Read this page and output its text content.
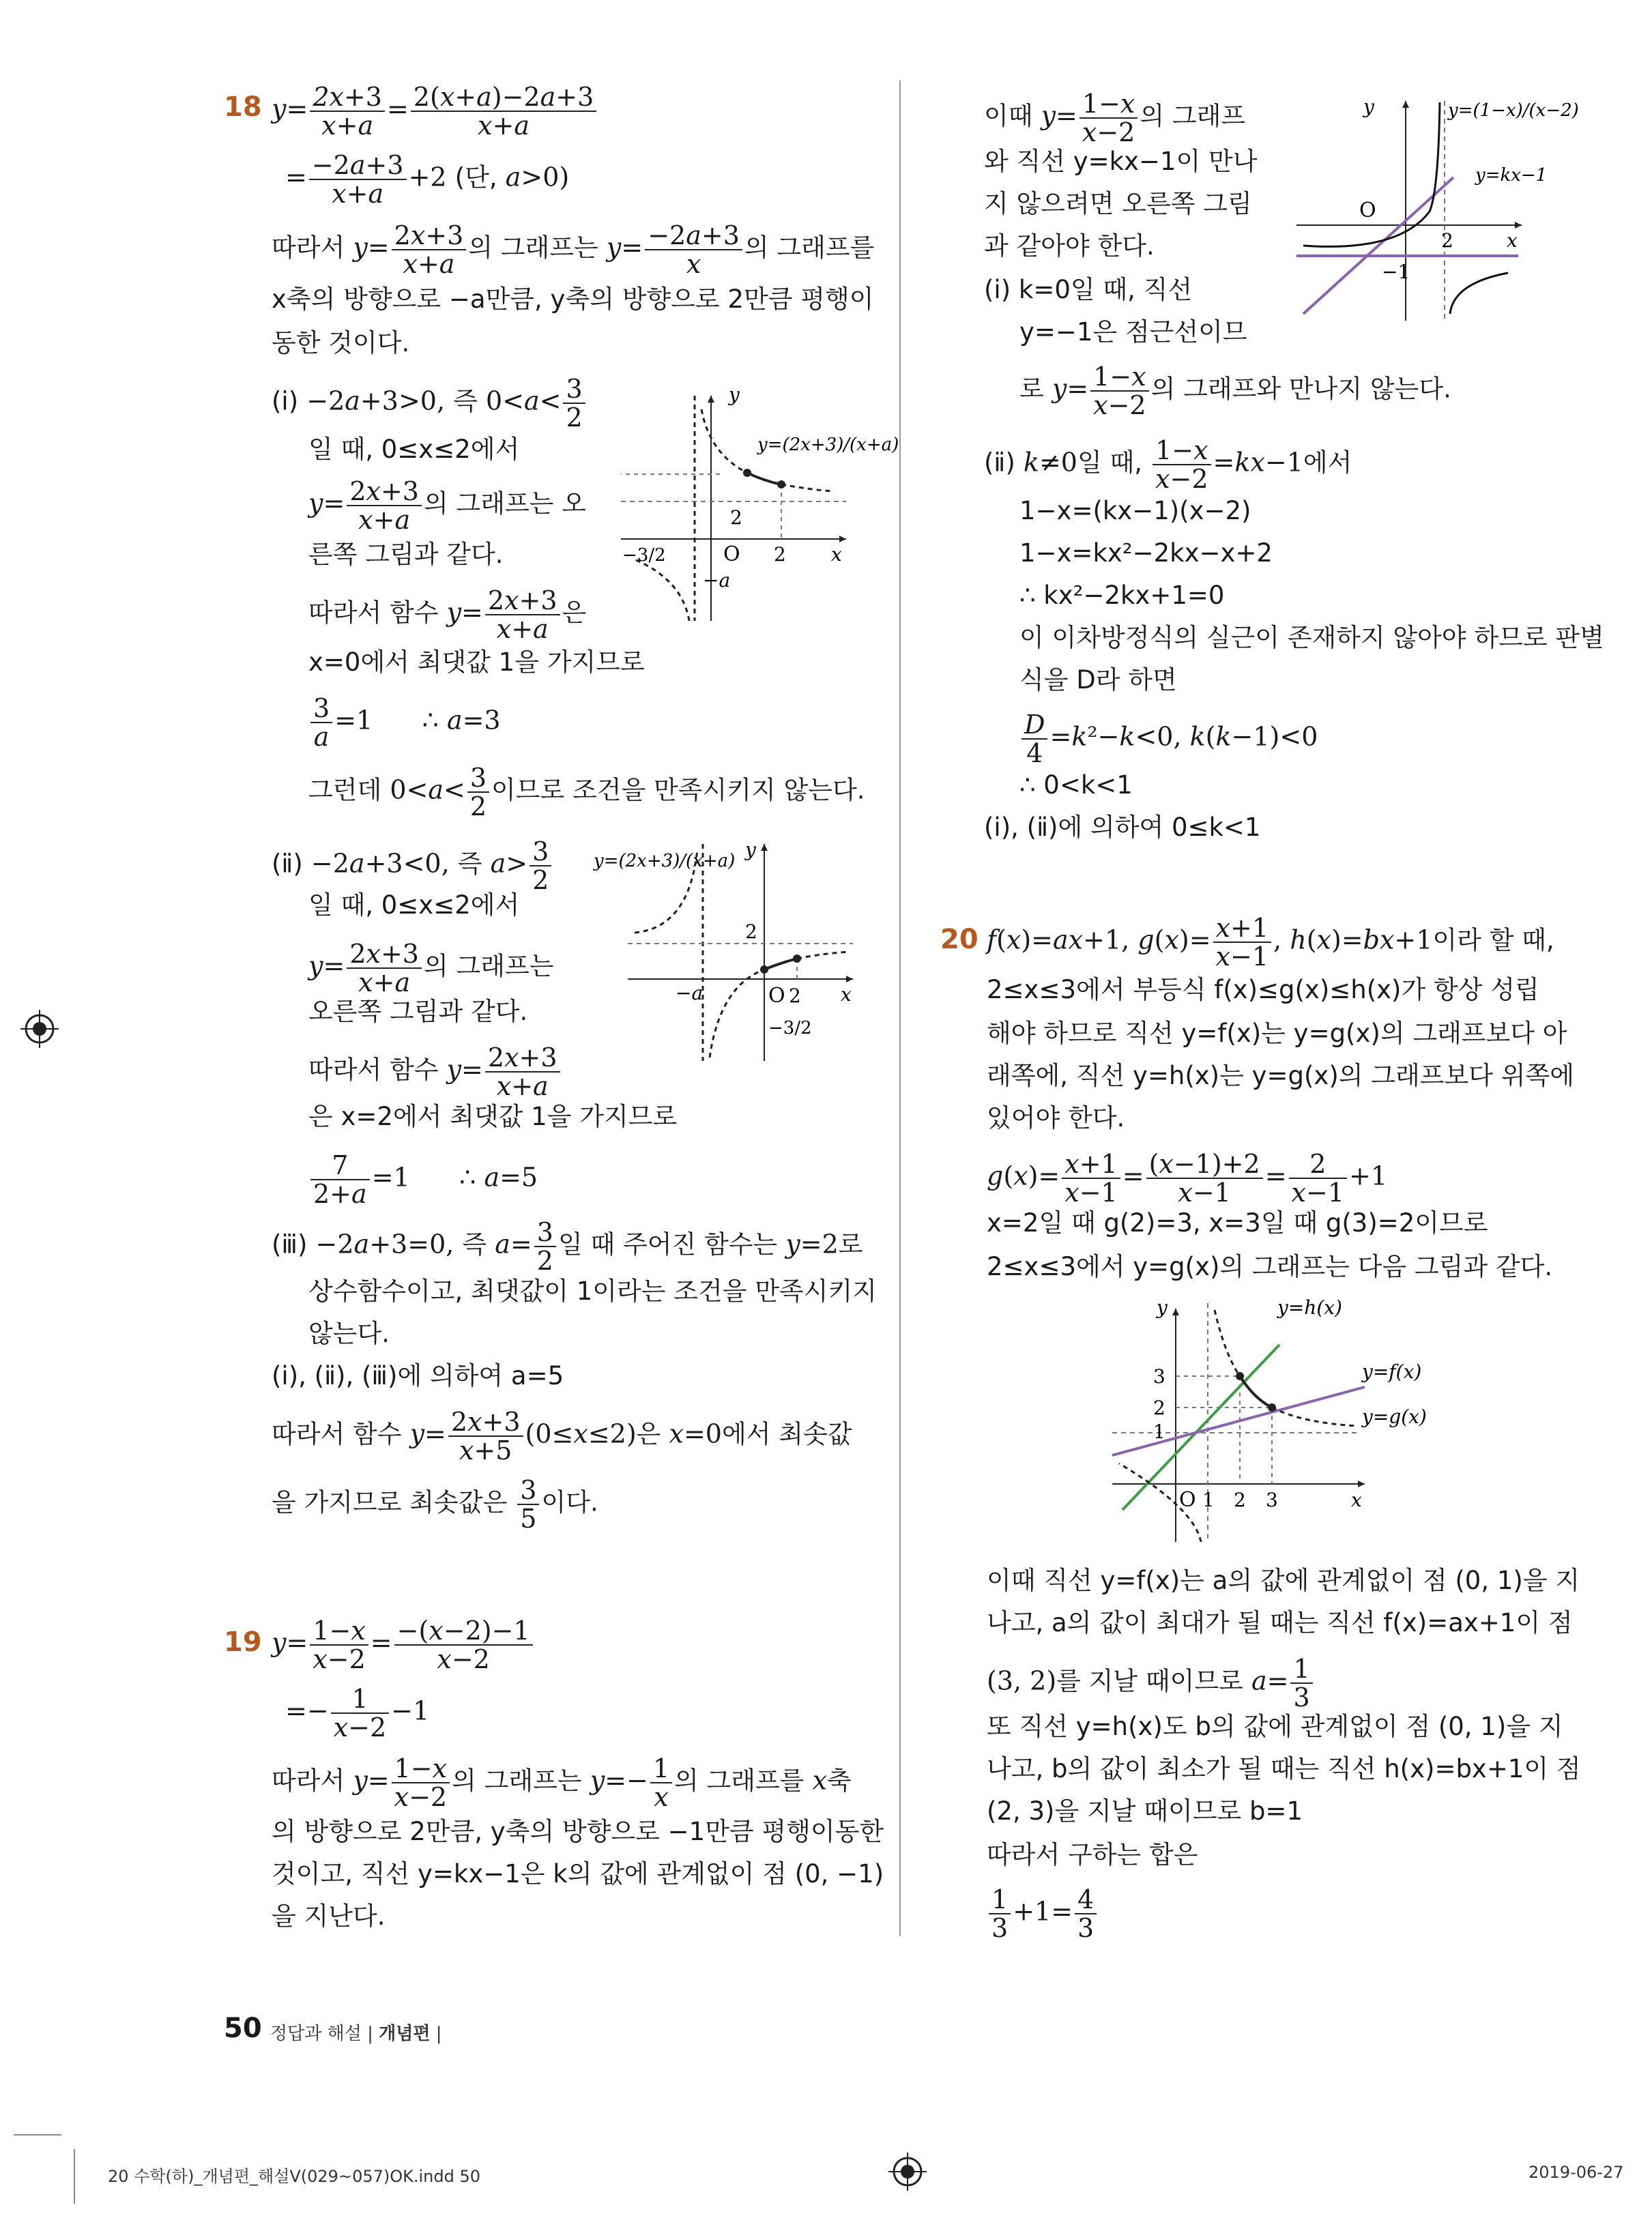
18 $y= \frac{2x+3}{x+a} = \frac{2(x+a)-2a+3}{x+a}$
= $\frac{-2a+3}{x+a} +2$ (단, a>0)
따라서 $y= \frac{2x+3}{x+a}$ 의 그래프는 $y= \frac{-2a+3}{x}$ 의 그래프를
x축의 방향으로 −a만큼, y축의 방향으로 2만큼 평행이
동한 것이다.
(ⅰ) −2a+3>0, 즉 $0<a< \frac{3}{2}$
일 때, 0≤x≤2에서
$y= \frac{2x+3}{x+a}$ 의 그래프는 오
른쪽 그림과 같다.
따라서 함수 $y= \frac{2x+3}{x+a}$ 은
x=0에서 최댓값 1을 가지므로
$\frac{3}{a} =1$      ∴ a=3
그런데 $0<a< \frac{3}{2}$ 이므로 조건을 만족시키지 않는다.
(ⅱ) −2a+3<0, 즉 $a> \frac{3}{2}$
일 때, 0≤x≤2에서
$y= \frac{2x+3}{x+a}$ 의 그래프는
오른쪽 그림과 같다.
따라서 함수 $y= \frac{2x+3}{x+a}$
은 x=2에서 최댓값 1을 가지므로
$\frac{7}{2+a} =1$      ∴ a=5
(ⅲ) −2a+3=0, 즉 $a= \frac{3}{2}$ 일 때 주어진 함수는 y=2로
상수함수이고, 최댓값이 1이라는 조건을 만족시키지
않는다.
(ⅰ), (ⅱ), (ⅲ)에 의하여 a=5
따라서 함수 $y= \frac{2x+3}{x+5} (0\le x\le 2)$은 x=0에서 최솟값
을 가지므로 최솟값은 $\frac{3}{5}$ 이다.
y
x
O
2
2
−3/2
−a
y=(2x+3)/(x+a)
y
x
O
2
2
−3/2
−a
y=(2x+3)/(x+a)
19 $y= \frac{1-x}{x-2} = \frac{-(x-2)-1}{x-2}$
=− $\frac{1}{x-2} -1$
따라서 $y= \frac{1-x}{x-2}$ 의 그래프는 $y=- \frac{1}{x}$ 의 그래프를 x축
의 방향으로 2만큼, y축의 방향으로 −1만큼 평행이동한
것이고, 직선 y=kx−1은 k의 값에 관계없이 점 (0, −1)
을 지난다.
이때 $y= \frac{1-x}{x-2}$ 의 그래프
와 직선 y=kx−1이 만나
지 않으려면 오른쪽 그림
과 같아야 한다.
(ⅰ) k=0일 때, 직선
y=−1은 점근선이므
로 $y= \frac{1-x}{x-2}$ 의 그래프와 만나지 않는다.
(ⅱ) k≠0일 때, $\frac{1-x}{x-2} =kx-1$에서
1−x=(kx−1)(x−2)
1−x=kx²−2kx−x+2
∴ kx²−2kx+1=0
이 이차방정식의 실근이 존재하지 않아야 하므로 판별
식을 D라 하면
$\frac{D}{4} =k^2-k<0$, k(k−1)<0
∴ 0<k<1
(ⅰ), (ⅱ)에 의하여 0≤k<1
y
x
O
2
−1
y=(1−x)/(x−2)
y=kx−1
20 f(x)=ax+1, $g(x)= \frac{x+1}{x-1}$ , h(x)=bx+1이라 할 때,
2≤x≤3에서 부등식 f(x)≤g(x)≤h(x)가 항상 성립
해야 하므로 직선 y=f(x)는 y=g(x)의 그래프보다 아
래쪽에, 직선 y=h(x)는 y=g(x)의 그래프보다 위쪽에
있어야 한다.
$g(x)= \frac{x+1}{x-1} = \frac{(x-1)+2}{x-1} = \frac{2}{x-1} +1$
x=2일 때 g(2)=3, x=3일 때 g(3)=2이므로
2≤x≤3에서 y=g(x)의 그래프는 다음 그림과 같다.
y
x
O
3
2
1
1 2 3
y=h(x)
y=f(x)
y=g(x)
이때 직선 y=f(x)는 a의 값에 관계없이 점 (0, 1)을 지
나고, a의 값이 최대가 될 때는 직선 f(x)=ax+1이 점
(3, 2)를 지날 때이므로 $a= \frac{1}{3}$
또 직선 y=h(x)도 b의 값에 관계없이 점 (0, 1)을 지
나고, b의 값이 최소가 될 때는 직선 h(x)=bx+1이 점
(2, 3)을 지날 때이므로 b=1
따라서 구하는 합은
$\frac{1}{3} +1= \frac{4}{3}$
50 정답과 해설 | 개념편 |
20 수학(하)_개념편_해설Ⅴ(029~057)OK.indd 50	2019-06-27
